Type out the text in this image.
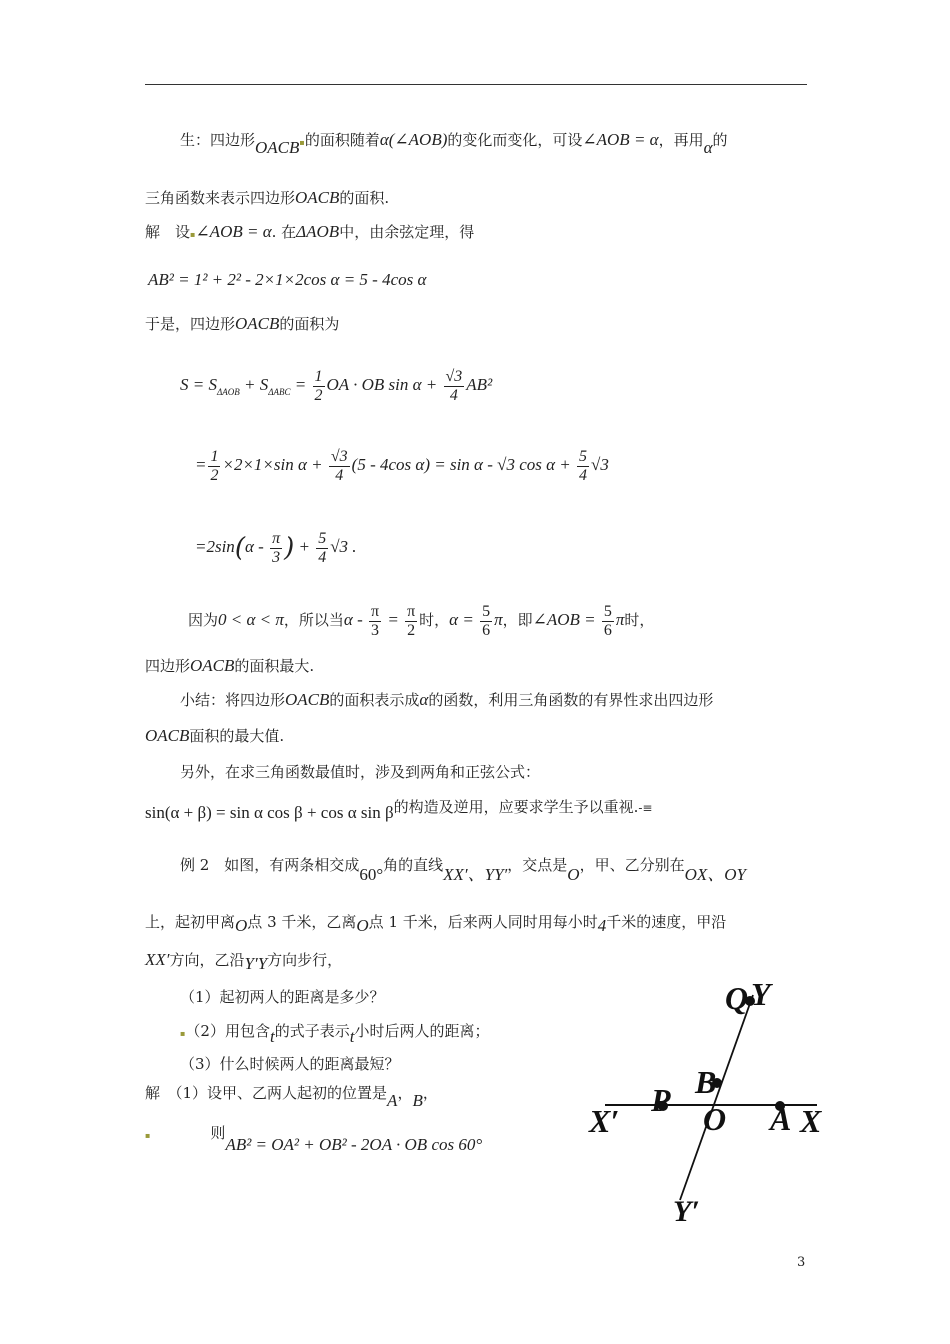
生：四边形OACB▪的面积随着α(∠AOB)的变化而变化，可设∠AOB = α，再用α的
三角函数来表示四边形OACB的面积.
解　设▪∠AOB = α. 在ΔAOB中，由余弦定理，得
AB² = 1² + 2² - 2×1×2cos α = 5 - 4cos α
于是，四边形OACB的面积为
$S = S_{\Delta AOB} + S_{\Delta ABC} = \frac{1}{2}$ OA · OB $\sin \alpha + \frac{√3}{4} AB^2$
= $\frac{1}{2} \times 2\times 1\times\sin$ $\alpha + \frac{√3}{4} (5 - 4\cos$ α) = sin α - √3 $\cos \alpha + \frac{5}{4} √3$
$=2\sin(\alpha - \frac{\pi}{3}$ ) + $\frac{5}{4} √3$ .
因为0 < α < π，所以当$\alpha - \frac{\pi}{3} = \frac{\pi}{2}$ 时，$\alpha = \frac{5}{6}$ π，即∠AOB = $\frac{5}{6}$ π时，
四边形OACB的面积最大.
小结：将四边形OACB的面积表示成α的函数，利用三角函数的有界性求出四边形
OACB面积的最大值.
另外，在求三角函数最值时，涉及到两角和正弦公式：
sin(α + β) = sin α cos β + cos α sin β的构造及逆用，应要求学生予以重视.-≡
例 2　如图，有两条相交成60°角的直线XX′、YY′，交点是O，甲、乙分别在OX、OY
上，起初甲离O点 3 千米，乙离O点 1 千米，后来两人同时用每小时4千米的速度，甲沿
XX′方向，乙沿Y′Y方向步行，
（1）起初两人的距离是多少？
▪（2）用包含t的式子表示t小时后两人的距离；
（3）什么时候两人的距离最短？
解　（1）设甲、乙两人起初的位置是A，B，
▪	则AB² = OA² + OB² - 2OA · OB cos 60°
Q Y
B
P
X′	O A X
Y′
3
